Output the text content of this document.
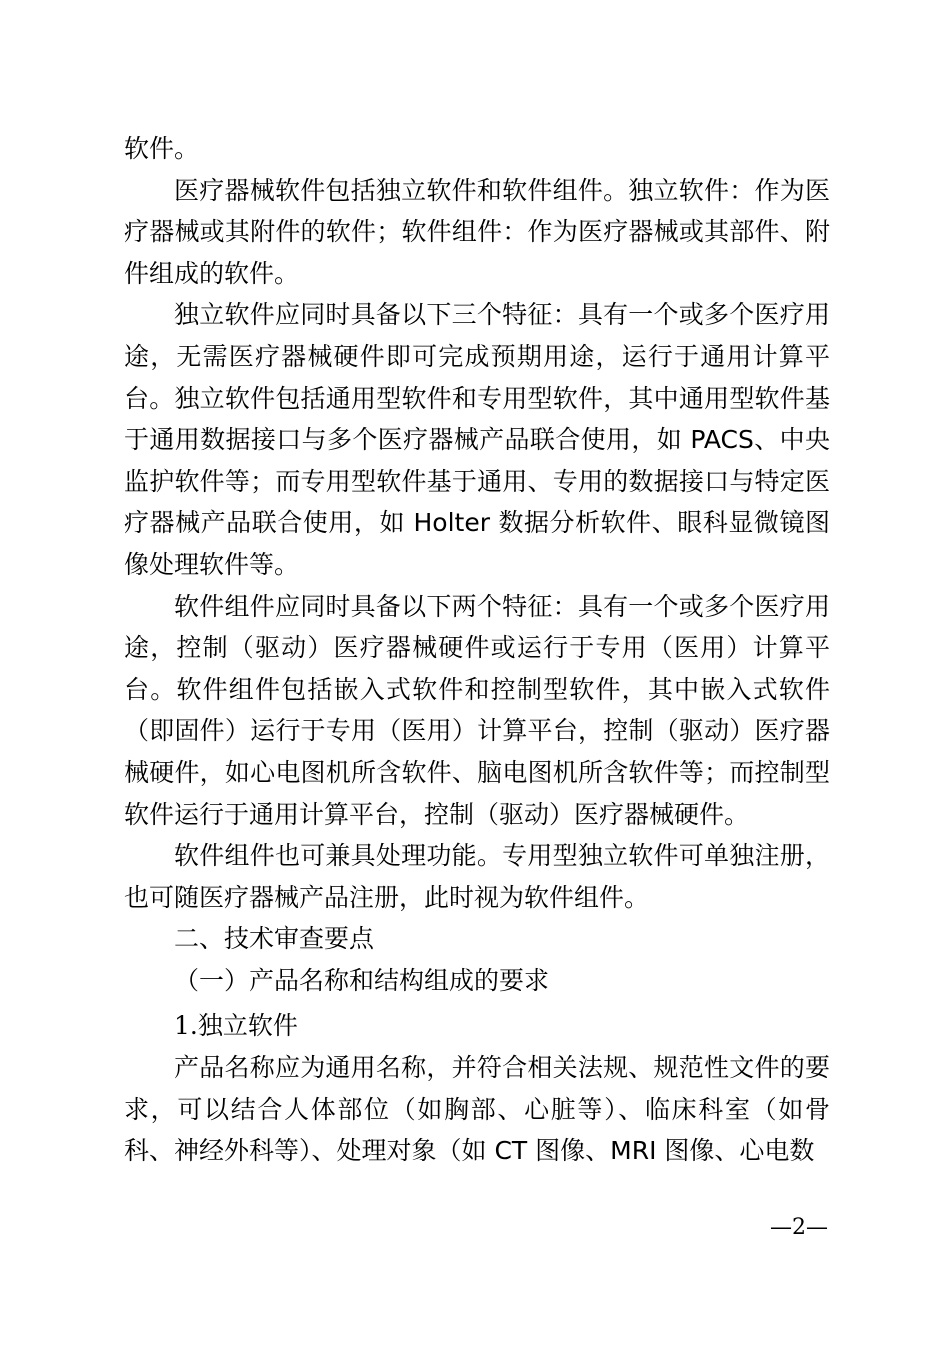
软件。

医疗器械软件包括独立软件和软件组件。独立软件：作为医疗器械或其附件的软件；软件组件：作为医疗器械或其部件、附件组成的软件。

独立软件应同时具备以下三个特征：具有一个或多个医疗用途，无需医疗器械硬件即可完成预期用途，运行于通用计算平台。独立软件包括通用型软件和专用型软件，其中通用型软件基于通用数据接口与多个医疗器械产品联合使用，如 PACS、中央监护软件等；而专用型软件基于通用、专用的数据接口与特定医疗器械产品联合使用，如 Holter 数据分析软件、眼科显微镜图像处理软件等。

软件组件应同时具备以下两个特征：具有一个或多个医疗用途，控制（驱动）医疗器械硬件或运行于专用（医用）计算平台。软件组件包括嵌入式软件和控制型软件，其中嵌入式软件（即固件）运行于专用（医用）计算平台，控制（驱动）医疗器械硬件，如心电图机所含软件、脑电图机所含软件等；而控制型软件运行于通用计算平台，控制（驱动）医疗器械硬件。

软件组件也可兼具处理功能。专用型独立软件可单独注册，也可随医疗器械产品注册，此时视为软件组件。

二、技术审查要点

（一）产品名称和结构组成的要求

1.独立软件

产品名称应为通用名称，并符合相关法规、规范性文件的要求，可以结合人体部位（如胸部、心脏等）、临床科室（如骨科、神经外科等）、处理对象（如 CT 图像、MRI 图像、心电数

—2—
